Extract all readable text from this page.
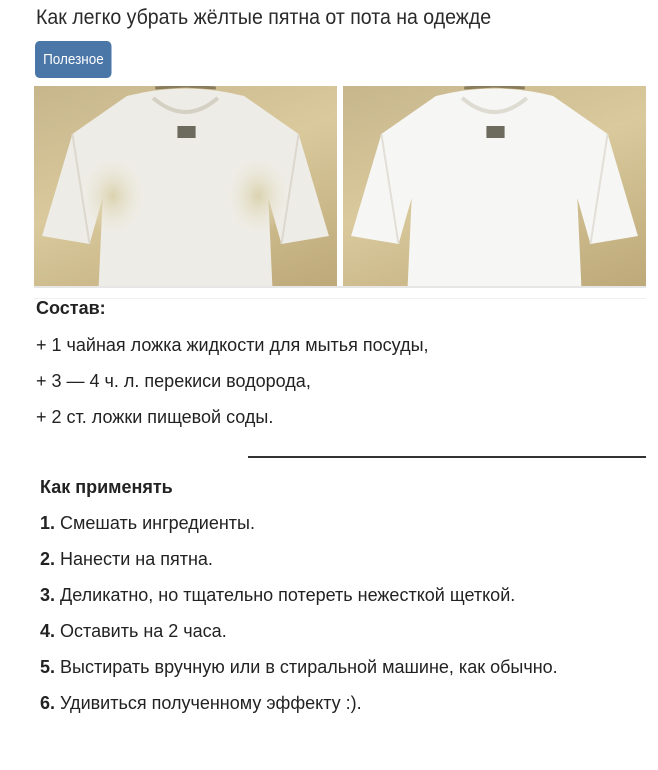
Как легко убрать жёлтые пятна от пота на одежде
Полезное
Состав:
+ 1 чайная ложка жидкости для мытья посуды,
+ 3 — 4 ч. л. перекиси водорода,
+ 2 ст. ложки пищевой соды.
Как применять
1. Смешать ингредиенты.
2. Нанести на пятна.
3. Деликатно, но тщательно потереть нежесткой щеткой.
4. Оставить на 2 часа.
5. Выстирать вручную или в стиральной машине, как обычно.
6. Удивиться полученному эффекту :).
